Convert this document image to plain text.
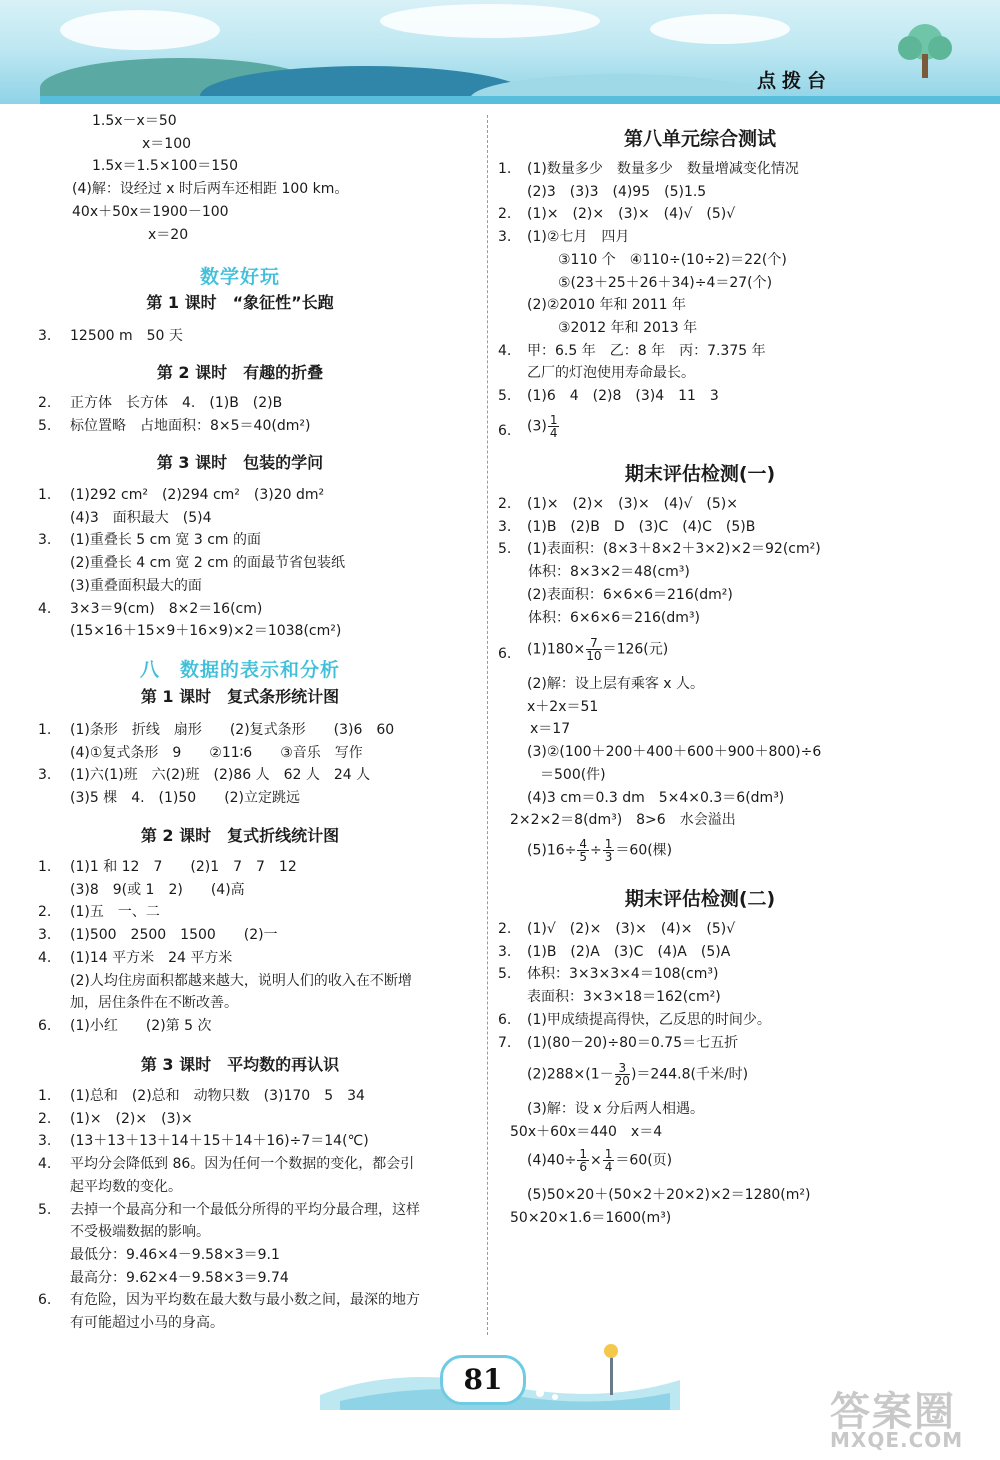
点拨台
1.5x－x＝50
x＝100
1.5x＝1.5×100＝150
(4)解：设经过 x 时后两车还相距 100 km。
40x＋50x＝1900－100
x＝20
数学好玩
第 1 课时　“象征性”长跑
3. 12500 m　50 天
第 2 课时　有趣的折叠
2. 正方体　长方体　4.　(1)B　(2)B
5. 标位置略　占地面积：8×5＝40(dm²)
第 3 课时　包装的学问
1. (1)292 cm²　(2)294 cm²　(3)20 dm²
(4)3　面积最大　(5)4
3. (1)重叠长 5 cm 宽 3 cm 的面
(2)重叠长 4 cm 宽 2 cm 的面最节省包装纸
(3)重叠面积最大的面
4. 3×3＝9(cm)　8×2＝16(cm)
(15×16＋15×9＋16×9)×2＝1038(cm²)
八　数据的表示和分析
第 1 课时　复式条形统计图
1. (1)条形　折线　扇形　　(2)复式条形　　(3)6　60
(4)①复式条形　9　　②11∶6　　③音乐　写作
3. (1)六(1)班　六(2)班　(2)86 人　62 人　24 人
(3)5 棵　4.　(1)50　　(2)立定跳远
第 2 课时　复式折线统计图
1. (1)1 和 12　7　　(2)1　7　7　12
(3)8　9(或 1　2)　　(4)高
2. (1)五　一、二
3. (1)500　2500　1500　　(2)一
4. (1)14 平方米　24 平方米
(2)人均住房面积都越来越大，说明人们的收入在不断增
加，居住条件在不断改善。
6. (1)小红　　(2)第 5 次
第 3 课时　平均数的再认识
1. (1)总和　(2)总和　动物只数　(3)170　5　34
2. (1)×　(2)×　(3)×
3. (13＋13＋13＋14＋15＋14＋16)÷7＝14(℃)
4. 平均分会降低到 86。因为任何一个数据的变化，都会引
起平均数的变化。
5. 去掉一个最高分和一个最低分所得的平均分最合理，这样
不受极端数据的影响。
最低分：9.46×4－9.58×3＝9.1
最高分：9.62×4－9.58×3＝9.74
6. 有危险，因为平均数在最大数与最小数之间，最深的地方
有可能超过小马的身高。
第八单元综合测试
1. (1)数量多少　数量多少　数量增减变化情况
(2)3　(3)3　(4)95　(5)1.5
2. (1)×　(2)×　(3)×　(4)√　(5)√
3. (1)②七月　四月
③110 个　④110÷(10÷2)＝22(个)
⑤(23＋25＋26＋34)÷4＝27(个)
(2)②2010 年和 2011 年
③2012 年和 2013 年
4. 甲：6.5 年　乙：8 年　丙：7.375 年
乙厂的灯泡使用寿命最长。
5. (1)6　4　(2)8　(3)4　11　3
6. $(3) \frac{1}{4}$
期末评估检测(一)
2. (1)×　(2)×　(3)×　(4)√　(5)×
3. (1)B　(2)B　D　(3)C　(4)C　(5)B
5. (1)表面积：(8×3＋8×2＋3×2)×2＝92(cm²)
体积：8×3×2＝48(cm³)
(2)表面积：6×6×6＝216(dm²)
体积：6×6×6＝216(dm³)
6. $(1)180\times \frac{7}{10} =126$(元)
(2)解：设上层有乘客 x 人。
x＋2x＝51
x＝17
(3)②(100＋200＋400＋600＋900＋800)÷6
＝500(件)
(4)3 cm＝0.3 dm　5×4×0.3＝6(dm³)
2×2×2＝8(dm³)　8>6　水会溢出
$(5)16\div \frac{4}{5} \div \frac{1}{3} =60$(棵)
期末评估检测(二)
2. (1)√　(2)×　(3)×　(4)×　(5)√
3. (1)B　(2)A　(3)C　(4)A　(5)A
5. 体积：3×3×3×4＝108(cm³)
表面积：3×3×18＝162(cm²)
6. (1)甲成绩提高得快，乙反思的时间少。
7. (1)(80－20)÷80＝0.75＝七五折
$(2)288\times(1- \frac{3}{20} )=244.8$(千米/时)
(3)解：设 x 分后两人相遇。
50x＋60x＝440　x＝4
$(4)40\div \frac{1}{6} \times \frac{1}{4} =60$(页)
(5)50×20＋(50×2＋20×2)×2＝1280(m²)
50×20×1.6＝1600(m³)
81
答案圈
MXQE.COM
